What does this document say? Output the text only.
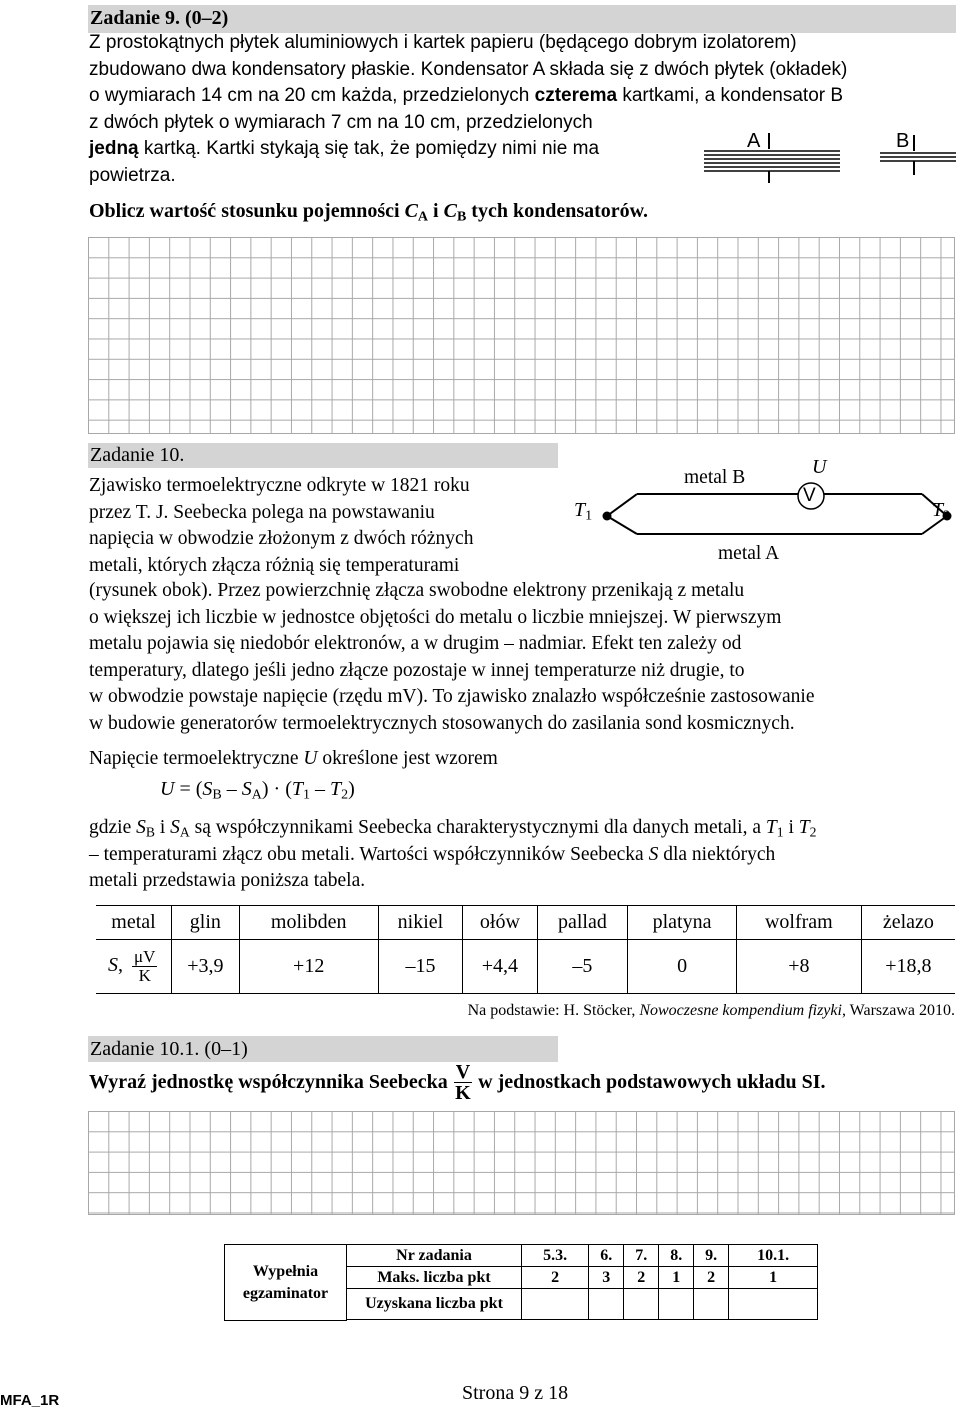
Zadanie 9. (0–2)
Z prostokątnych płytek aluminiowych i kartek papieru (będącego dobrym izolatorem)
zbudowano dwa kondensatory płaskie. Kondensator A składa się z dwóch płytek (okładek)
o wymiarach 14 cm na 20 cm każda, przedzielonych czterema kartkami, a kondensator B
z dwóch płytek o wymiarach 7 cm na 10 cm, przedzielonych
jedną kartką. Kartki stykają się tak, że pomiędzy nimi nie ma
powietrza.
A	B
Oblicz wartość stosunku pojemności $C_A$ i $C_B$ tych kondensatorów.
Zadanie 10.
Zjawisko termoelektryczne odkryte w 1821 roku
przez T. J. Seebecka polega na powstawaniu
napięcia w obwodzie złożonym z dwóch różnych
metali, których złącza różnią się temperaturami
V
metal B
metal A
U
$T_1$	$T_2$
(rysunek obok). Przez powierzchnię złącza swobodne elektrony przenikają z metalu
o większej ich liczbie w jednostce objętości do metalu o liczbie mniejszej. W pierwszym
metalu pojawia się niedobór elektronów, a w drugim – nadmiar. Efekt ten zależy od
temperatury, dlatego jeśli jedno złącze pozostaje w innej temperaturze niż drugie, to
w obwodzie powstaje napięcie (rzędu mV). To zjawisko znalazło współcześnie zastosowanie
w budowie generatorów termoelektrycznych stosowanych do zasilania sond kosmicznych.
Napięcie termoelektryczne U określone jest wzorem
$U = (S_B - S_A) \cdot (T_1 - T_2)$
gdzie $S_B$ i $S_A$ są współczynnikami Seebecka charakterystycznymi dla danych metali, a $T_1$ i $T_2$
– temperaturami złącz obu metali. Wartości współczynników Seebecka S dla niektórych
metali przedstawia poniższa tabela.
metal	glin	molibden	nikiel	ołów	pallad	platyna	wolfram	żelazo
S, $\frac{\mu V}{K}$	+3,9	+12	–15	+4,4	–5	0	+8	+18,8
Na podstawie: H. Stöcker, Nowoczesne kompendium fizyki, Warszawa 2010.
Zadanie 10.1. (0–1)
Wyraź jednostkę współczynnika Seebecka $\frac{V}{K}$ w jednostkach podstawowych układu SI.
Wypełnia egzaminator
Nr zadania	5.3.	6.	7.	8.	9.	10.1.
Maks. liczba pkt	2	3	2	1	2	1
Uzyskana liczba pkt						
MFA_1R	Strona 9 z 18
